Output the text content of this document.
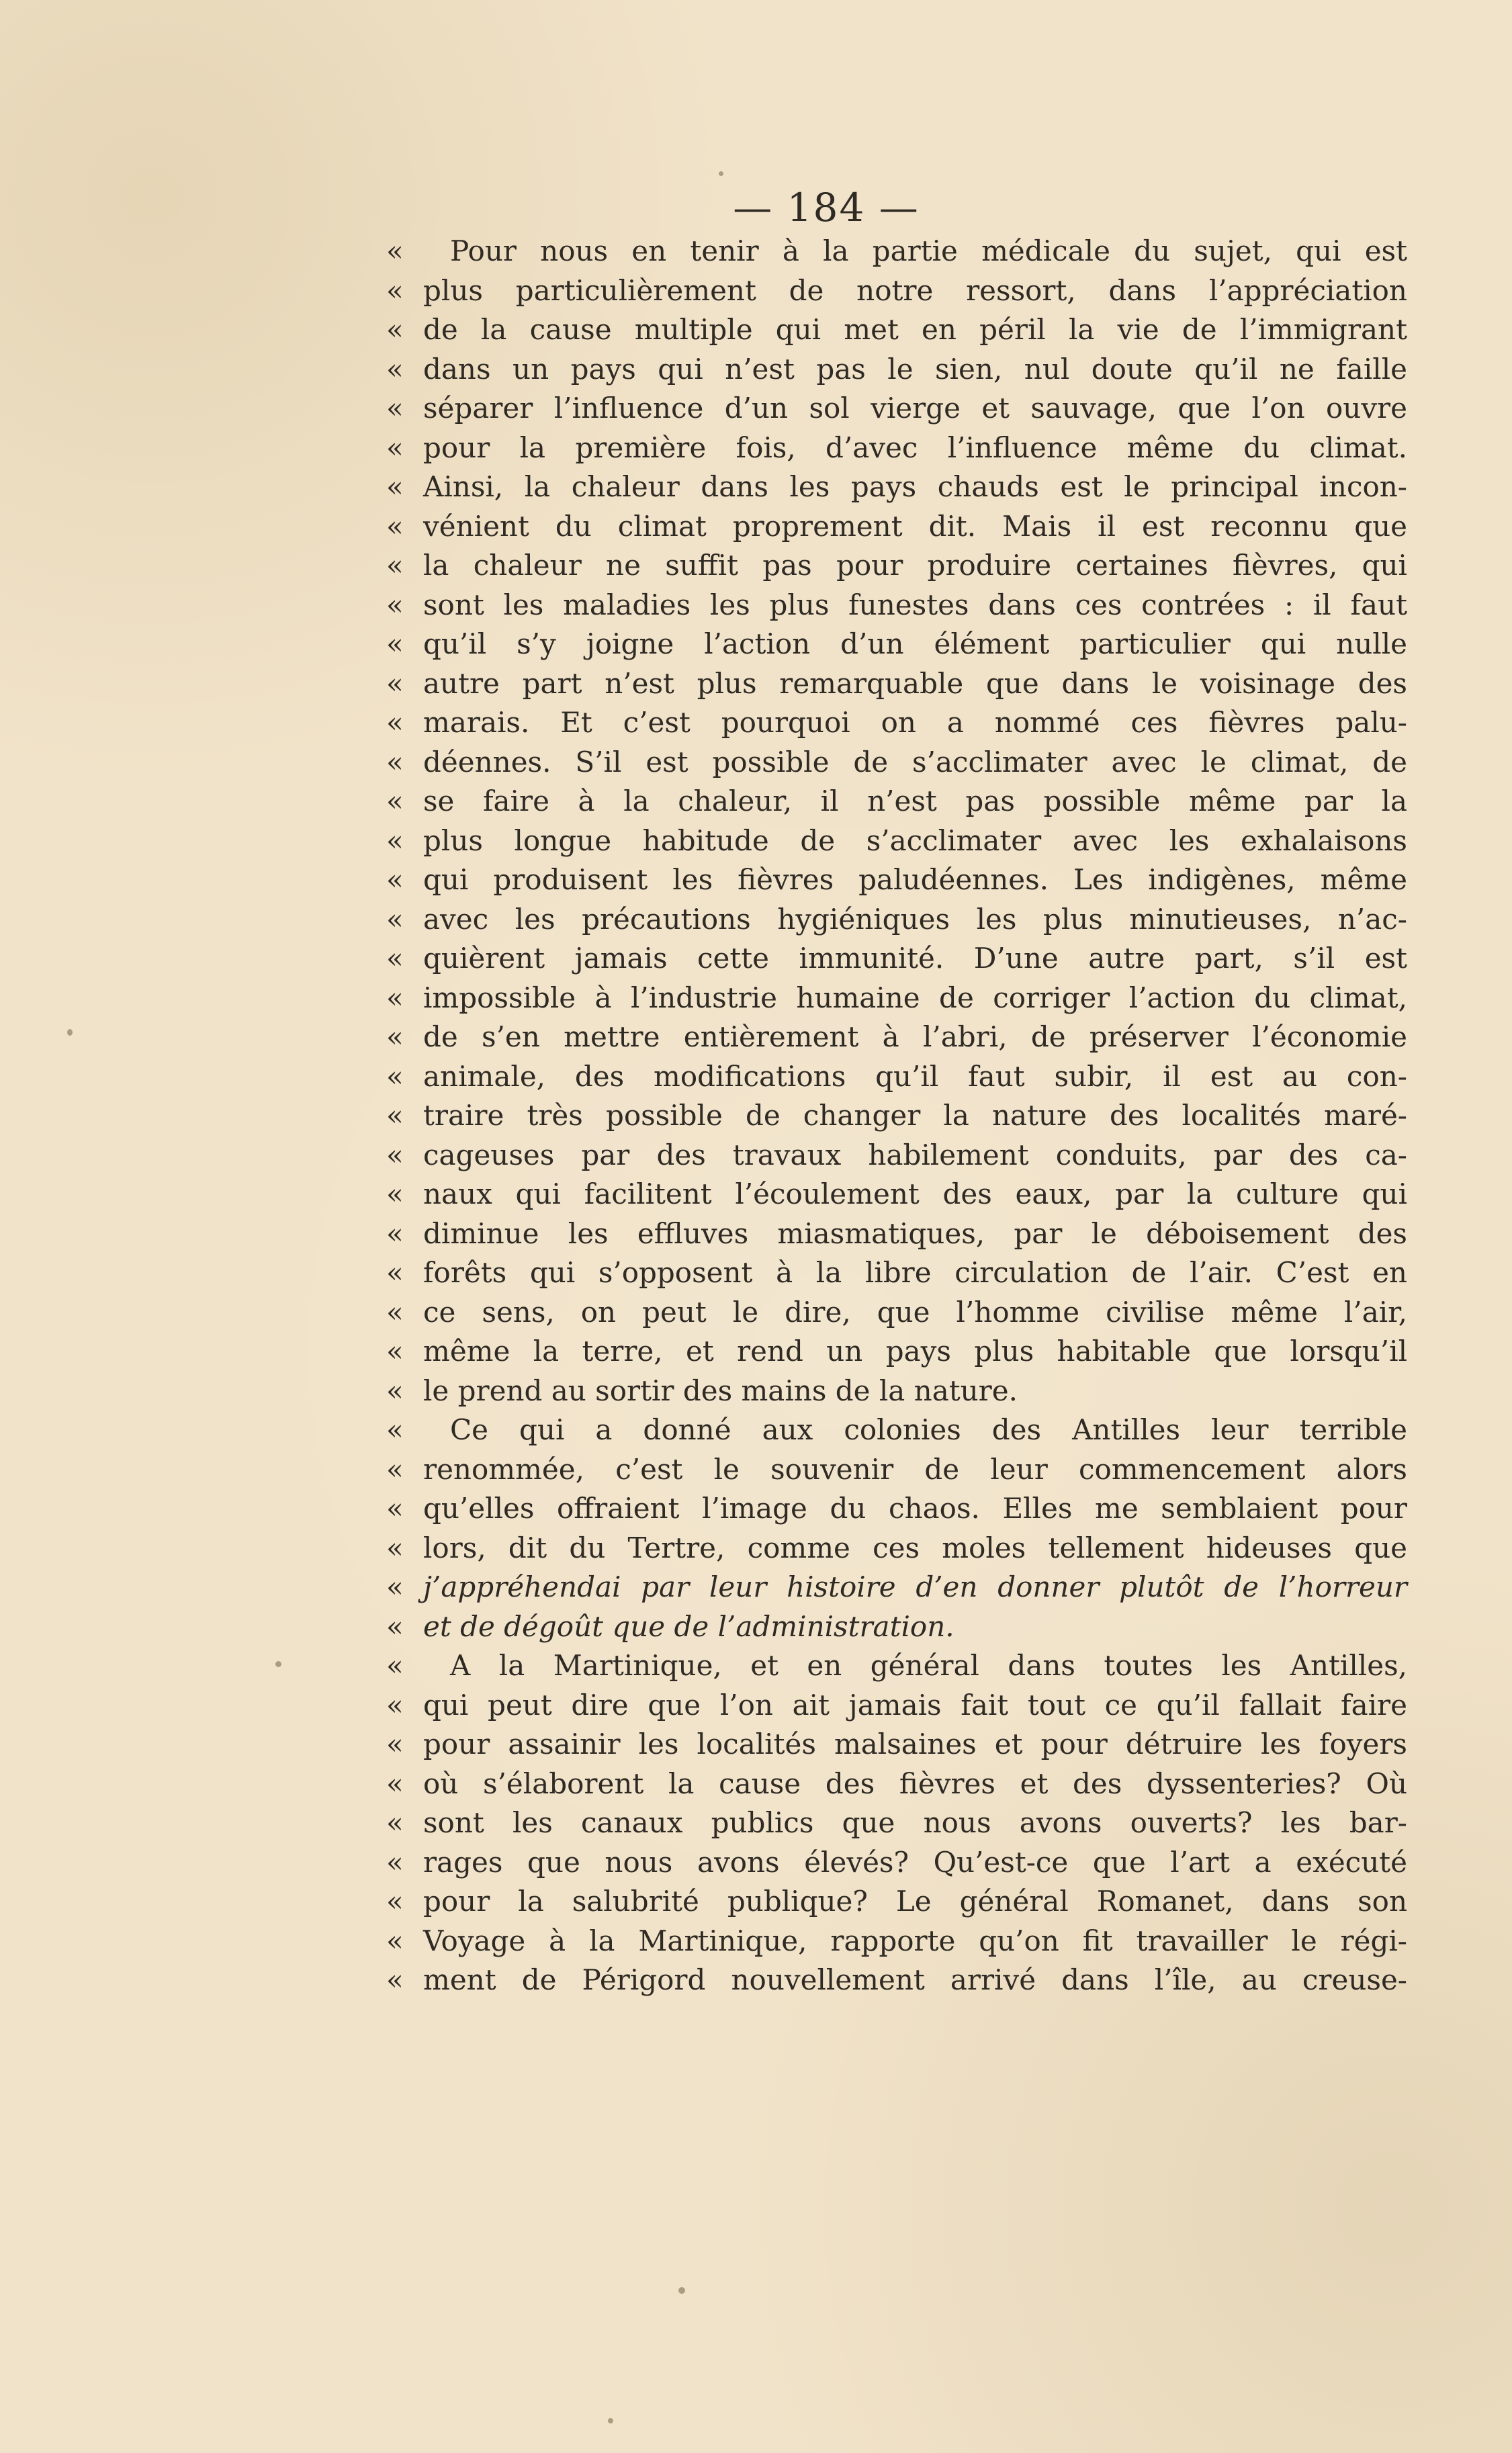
— 184 —
«	Pour nous en tenir à la partie médicale du sujet, qui est
« plus particulièrement de notre ressort, dans l’appréciation
« de la cause multiple qui met en péril la vie de l’immigrant
« dans un pays qui n’est pas le sien, nul doute qu’il ne faille
« séparer l’influence d’un sol vierge et sauvage, que l’on ouvre
« pour la première fois, d’avec l’influence même du climat.
« Ainsi, la chaleur dans les pays chauds est le principal incon-
« vénient du climat proprement dit. Mais il est reconnu que
« la chaleur ne suffit pas pour produire certaines fièvres, qui
« sont les maladies les plus funestes dans ces contrées : il faut
« qu’il s’y joigne l’action d’un élément particulier qui nulle
« autre part n’est plus remarquable que dans le voisinage des
« marais. Et c’est pourquoi on a nommé ces fièvres palu-
« déennes. S’il est possible de s’acclimater avec le climat, de
« se faire à la chaleur, il n’est pas possible même par la
« plus longue habitude de s’acclimater avec les exhalaisons
« qui produisent les fièvres paludéennes. Les indigènes, même
« avec les précautions hygiéniques les plus minutieuses, n’ac-
« quièrent jamais cette immunité. D’une autre part, s’il est
« impossible à l’industrie humaine de corriger l’action du climat,
« de s’en mettre entièrement à l’abri, de préserver l’économie
« animale, des modifications qu’il faut subir, il est au con-
« traire très possible de changer la nature des localités maré-
« cageuses par des travaux habilement conduits, par des ca-
« naux qui facilitent l’écoulement des eaux, par la culture qui
« diminue les effluves miasmatiques, par le déboisement des
« forêts qui s’opposent à la libre circulation de l’air. C’est en
« ce sens, on peut le dire, que l’homme civilise même l’air,
« même la terre, et rend un pays plus habitable que lorsqu’il
« le prend au sortir des mains de la nature.
«	Ce qui a donné aux colonies des Antilles leur terrible
« renommée, c’est le souvenir de leur commencement alors
« qu’elles offraient l’image du chaos. Elles me semblaient pour
« lors, dit du Tertre, comme ces moles tellement hideuses que
« j’appréhendai par leur histoire d’en donner plutôt de l’horreur
« et de dégoût que de l’administration.
«	A la Martinique, et en général dans toutes les Antilles,
« qui peut dire que l’on ait jamais fait tout ce qu’il fallait faire
« pour assainir les localités malsaines et pour détruire les foyers
« où s’élaborent la cause des fièvres et des dyssenteries? Où
« sont les canaux publics que nous avons ouverts? les bar-
« rages que nous avons élevés? Qu’est-ce que l’art a exécuté
« pour la salubrité publique? Le général Romanet, dans son
« Voyage à la Martinique, rapporte qu’on fit travailler le régi-
« ment de Périgord nouvellement arrivé dans l’île, au creuse-
